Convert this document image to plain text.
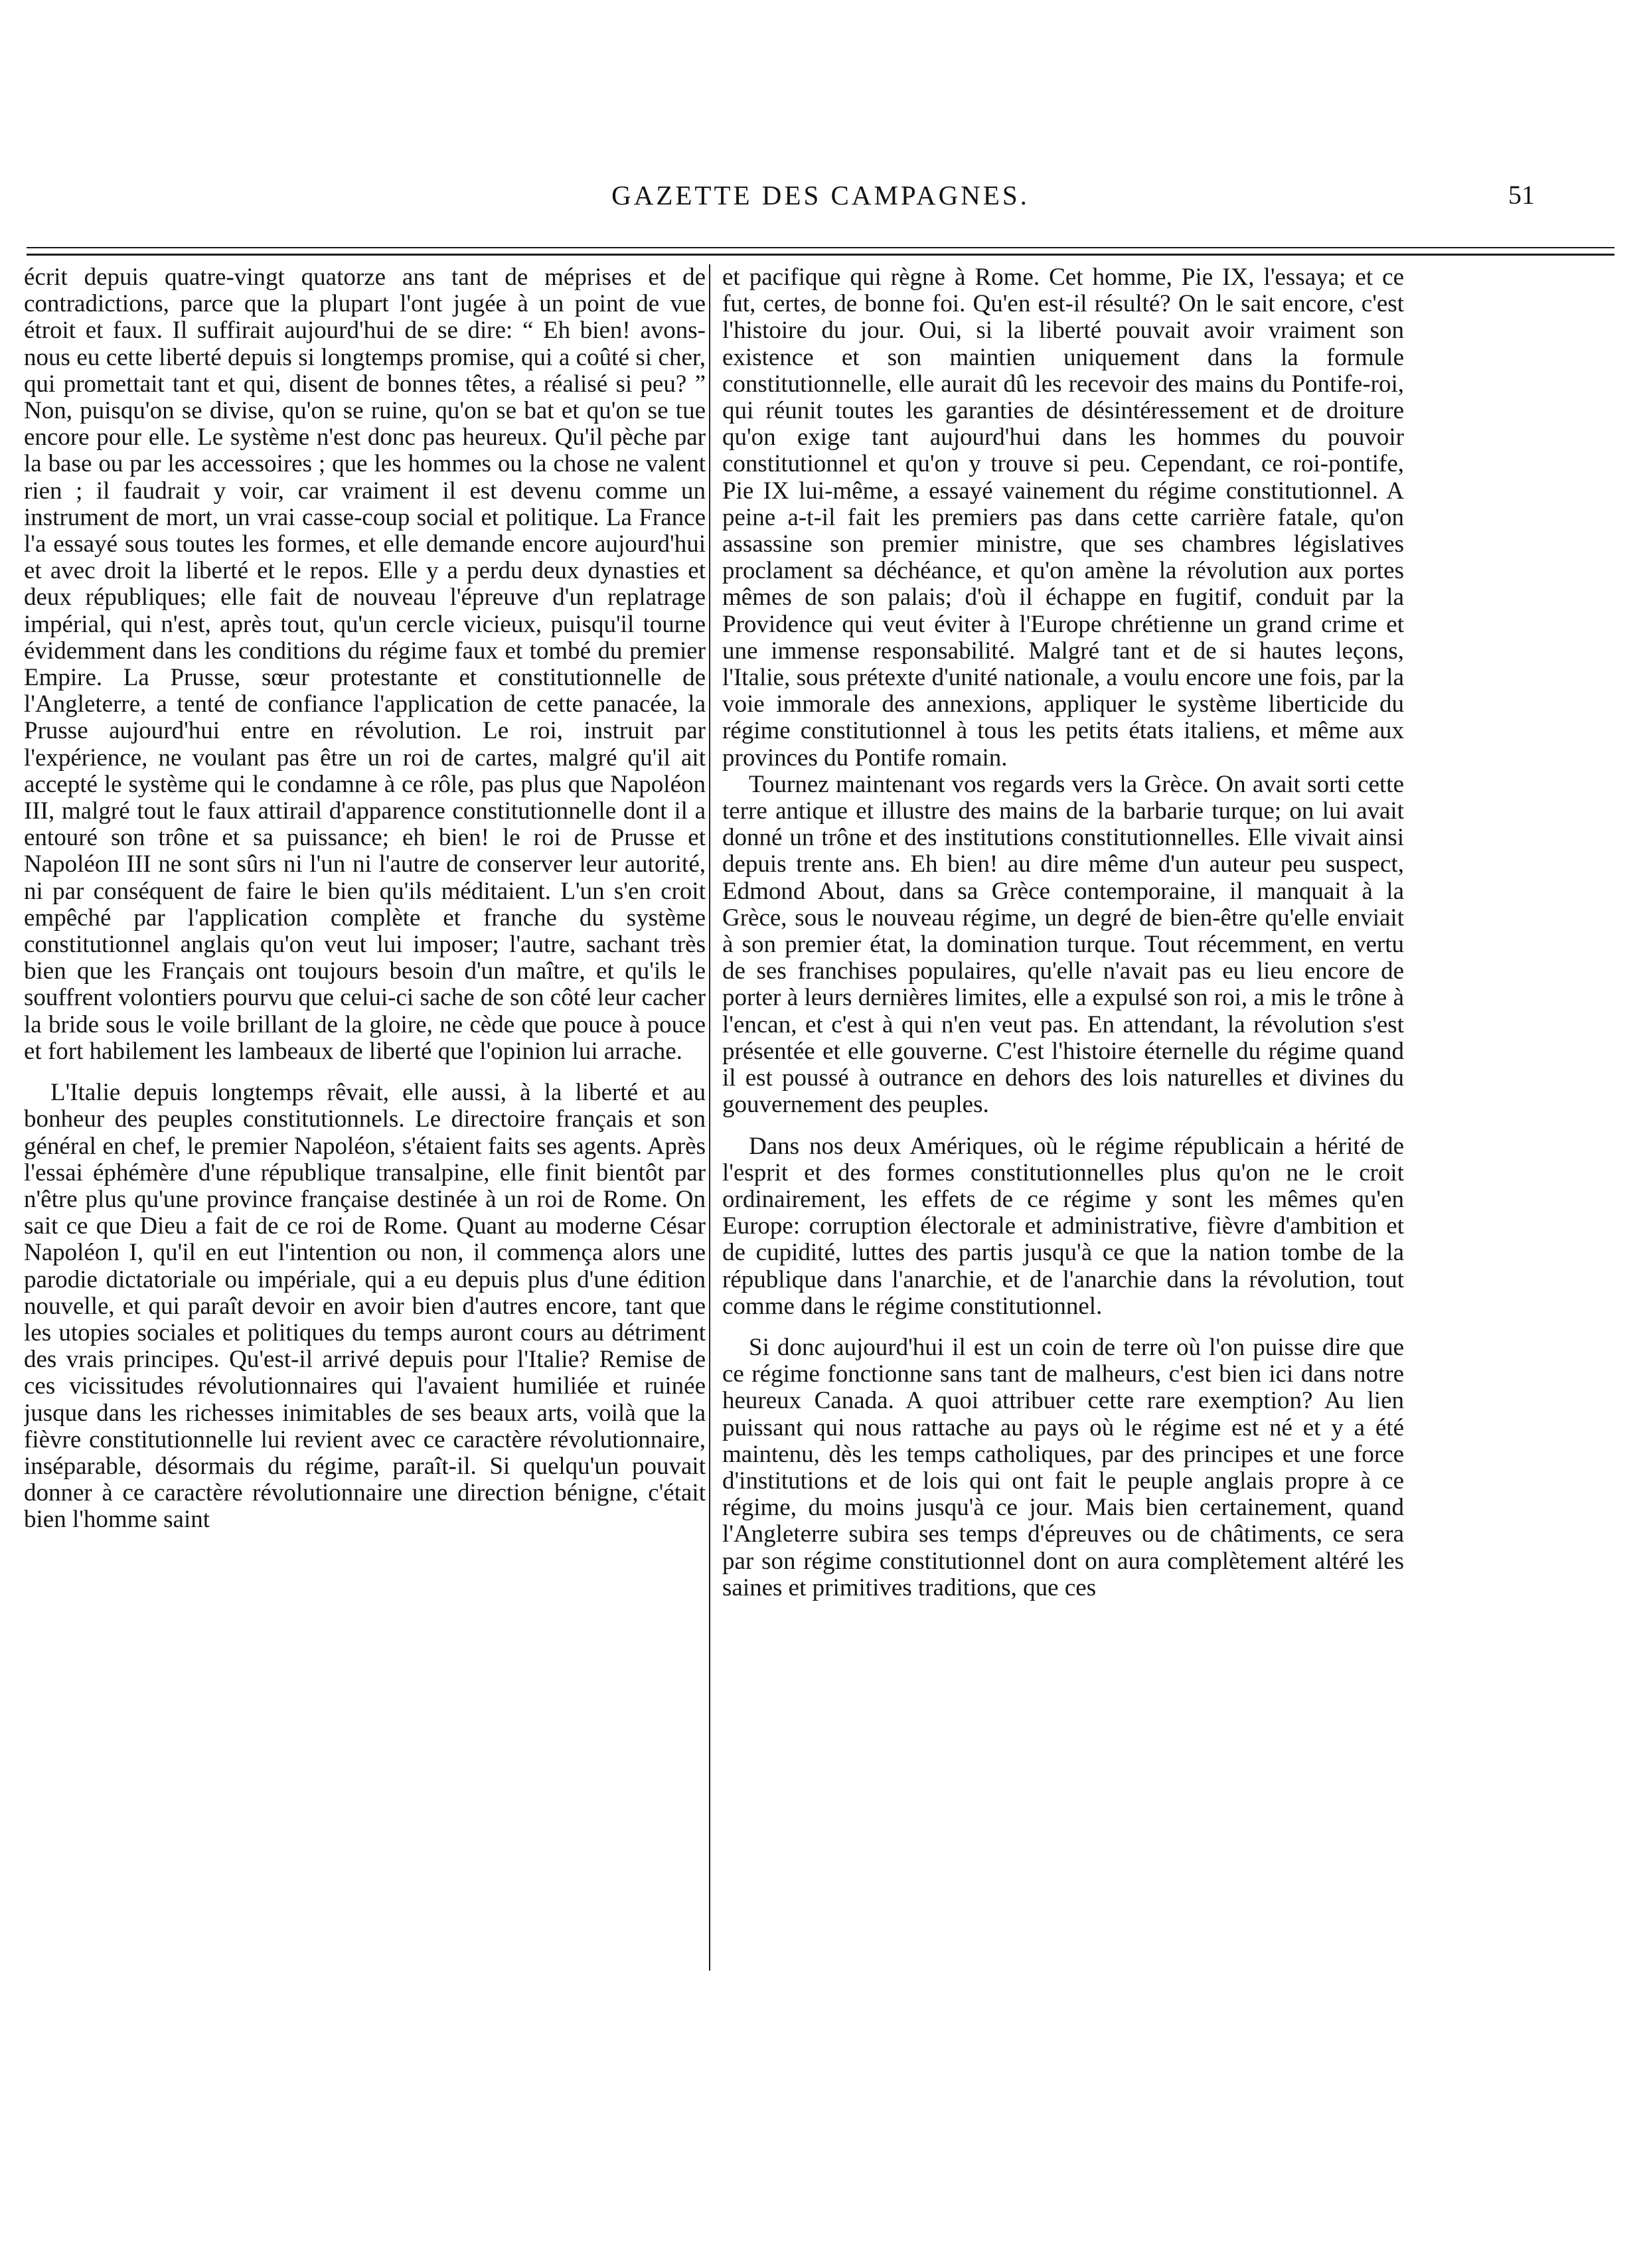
GAZETTE DES CAMPAGNES.	51

écrit depuis quatre-vingt quatorze ans tant de méprises et de contradictions, parce que la plupart l'ont jugée à un point de vue étroit et faux. Il suffirait aujourd'hui de se dire: “ Eh bien! avons-nous eu cette liberté depuis si longtemps promise, qui a coûté si cher, qui promettait tant et qui, disent de bonnes têtes, a réalisé si peu? ” Non, puisqu'on se divise, qu'on se ruine, qu'on se bat et qu'on se tue encore pour elle. Le système n'est donc pas heureux. Qu'il pèche par la base ou par les accessoires ; que les hommes ou la chose ne valent rien ; il faudrait y voir, car vraiment il est devenu comme un instrument de mort, un vrai casse-coup social et politique. La France l'a essayé sous toutes les formes, et elle demande encore aujourd'hui et avec droit la liberté et le repos. Elle y a perdu deux dynasties et deux républiques; elle fait de nouveau l'épreuve d'un replatrage impérial, qui n'est, après tout, qu'un cercle vicieux, puisqu'il tourne évidemment dans les conditions du régime faux et tombé du premier Empire. La Prusse, sœur protestante et constitutionnelle de l'Angleterre, a tenté de confiance l'application de cette panacée, la Prusse aujourd'hui entre en révolution. Le roi, instruit par l'expérience, ne voulant pas être un roi de cartes, malgré qu'il ait accepté le système qui le condamne à ce rôle, pas plus que Napoléon III, malgré tout le faux attirail d'apparence constitutionnelle dont il a entouré son trône et sa puissance; eh bien! le roi de Prusse et Napoléon III ne sont sûrs ni l'un ni l'autre de conserver leur autorité, ni par conséquent de faire le bien qu'ils méditaient. L'un s'en croit empêché par l'application complète et franche du système constitutionnel anglais qu'on veut lui imposer; l'autre, sachant très bien que les Français ont toujours besoin d'un maître, et qu'ils le souffrent volontiers pourvu que celui-ci sache de son côté leur cacher la bride sous le voile brillant de la gloire, ne cède que pouce à pouce et fort habilement les lambeaux de liberté que l'opinion lui arrache.

L'Italie depuis longtemps rêvait, elle aussi, à la liberté et au bonheur des peuples constitutionnels. Le directoire français et son général en chef, le premier Napoléon, s'étaient faits ses agents. Après l'essai éphémère d'une république transalpine, elle finit bientôt par n'être plus qu'une province française destinée à un roi de Rome. On sait ce que Dieu a fait de ce roi de Rome. Quant au moderne César Napoléon I, qu'il en eut l'intention ou non, il commença alors une parodie dictatoriale ou impériale, qui a eu depuis plus d'une édition nouvelle, et qui paraît devoir en avoir bien d'autres encore, tant que les utopies sociales et politiques du temps auront cours au détriment des vrais principes. Qu'est-il arrivé depuis pour l'Italie? Remise de ces vicissitudes révolutionnaires qui l'avaient humiliée et ruinée jusque dans les richesses inimitables de ses beaux arts, voilà que la fièvre constitutionnelle lui revient avec ce caractère révolutionnaire, inséparable, désormais du régime, paraît-il. Si quelqu'un pouvait donner à ce caractère révolutionnaire une direction bénigne, c'était bien l'homme saint

et pacifique qui règne à Rome. Cet homme, Pie IX, l'essaya; et ce fut, certes, de bonne foi. Qu'en est-il résulté? On le sait encore, c'est l'histoire du jour. Oui, si la liberté pouvait avoir vraiment son existence et son maintien uniquement dans la formule constitutionnelle, elle aurait dû les recevoir des mains du Pontife-roi, qui réunit toutes les garanties de désintéressement et de droiture qu'on exige tant aujourd'hui dans les hommes du pouvoir constitutionnel et qu'on y trouve si peu. Cependant, ce roi-pontife, Pie IX lui-même, a essayé vainement du régime constitutionnel. A peine a-t-il fait les premiers pas dans cette carrière fatale, qu'on assassine son premier ministre, que ses chambres législatives proclament sa déchéance, et qu'on amène la révolution aux portes mêmes de son palais; d'où il échappe en fugitif, conduit par la Providence qui veut éviter à l'Europe chrétienne un grand crime et une immense responsabilité. Malgré tant et de si hautes leçons, l'Italie, sous prétexte d'unité nationale, a voulu encore une fois, par la voie immorale des annexions, appliquer le système liberticide du régime constitutionnel à tous les petits états italiens, et même aux provinces du Pontife romain.

Tournez maintenant vos regards vers la Grèce. On avait sorti cette terre antique et illustre des mains de la barbarie turque; on lui avait donné un trône et des institutions constitutionnelles. Elle vivait ainsi depuis trente ans. Eh bien! au dire même d'un auteur peu suspect, Edmond About, dans sa Grèce contemporaine, il manquait à la Grèce, sous le nouveau régime, un degré de bien-être qu'elle enviait à son premier état, la domination turque. Tout récemment, en vertu de ses franchises populaires, qu'elle n'avait pas eu lieu encore de porter à leurs dernières limites, elle a expulsé son roi, a mis le trône à l'encan, et c'est à qui n'en veut pas. En attendant, la révolution s'est présentée et elle gouverne. C'est l'histoire éternelle du régime quand il est poussé à outrance en dehors des lois naturelles et divines du gouvernement des peuples.

Dans nos deux Amériques, où le régime républicain a hérité de l'esprit et des formes constitutionnelles plus qu'on ne le croit ordinairement, les effets de ce régime y sont les mêmes qu'en Europe: corruption électorale et administrative, fièvre d'ambition et de cupidité, luttes des partis jusqu'à ce que la nation tombe de la république dans l'anarchie, et de l'anarchie dans la révolution, tout comme dans le régime constitutionnel.

Si donc aujourd'hui il est un coin de terre où l'on puisse dire que ce régime fonctionne sans tant de malheurs, c'est bien ici dans notre heureux Canada. A quoi attribuer cette rare exemption? Au lien puissant qui nous rattache au pays où le régime est né et y a été maintenu, dès les temps catholiques, par des principes et une force d'institutions et de lois qui ont fait le peuple anglais propre à ce régime, du moins jusqu'à ce jour. Mais bien certainement, quand l'Angleterre subira ses temps d'épreuves ou de châtiments, ce sera par son régime constitutionnel dont on aura complètement altéré les saines et primitives traditions, que ces
